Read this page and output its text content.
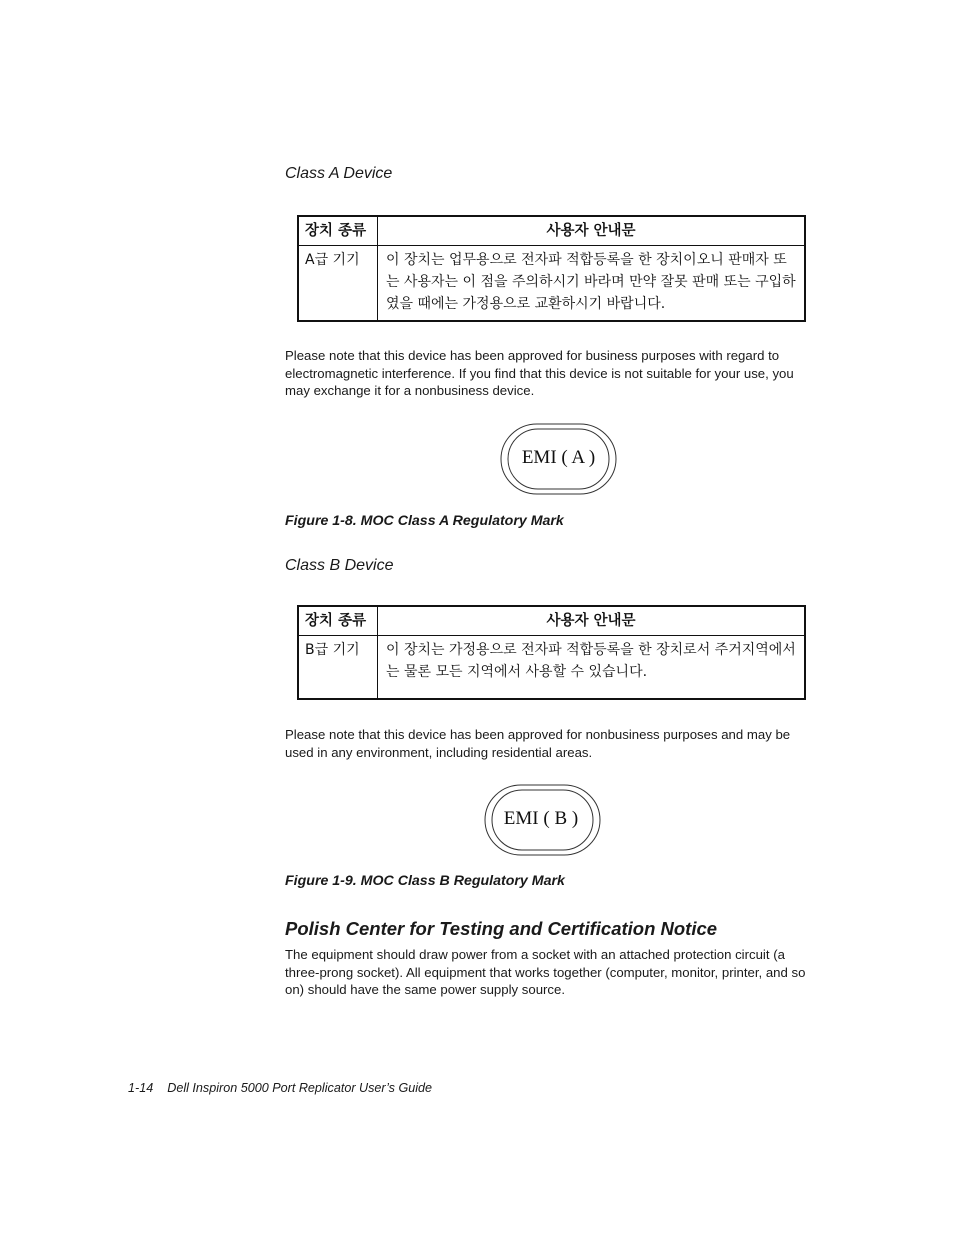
Class A Device
장치 종류	사용자 안내문
A급 기기	이 장치는 업무용으로 전자파 적합등록을 한 장치이오니 판매자 또는 사용자는 이 점을 주의하시기 바라며 만약 잘못 판매 또는 구입하였을 때에는 가정용으로 교환하시기 바랍니다.
Please note that this device has been approved for business purposes with regard to electromagnetic interference. If you find that this device is not suitable for your use, you may exchange it for a nonbusiness device.
EMI ( A )
Figure 1-8. MOC Class A Regulatory Mark
Class B Device
장치 종류	사용자 안내문
B급 기기	이 장치는 가정용으로 전자파 적합등록을 한 장치로서 주거지역에서는 물론 모든 지역에서 사용할 수 있습니다.
Please note that this device has been approved for nonbusiness purposes and may be used in any environment, including residential areas.
EMI ( B )
Figure 1-9. MOC Class B Regulatory Mark
Polish Center for Testing and Certification Notice
The equipment should draw power from a socket with an attached protection circuit (a three-prong socket). All equipment that works together (computer, monitor, printer, and so on) should have the same power supply source.
1-14 Dell Inspiron 5000 Port Replicator User’s Guide
